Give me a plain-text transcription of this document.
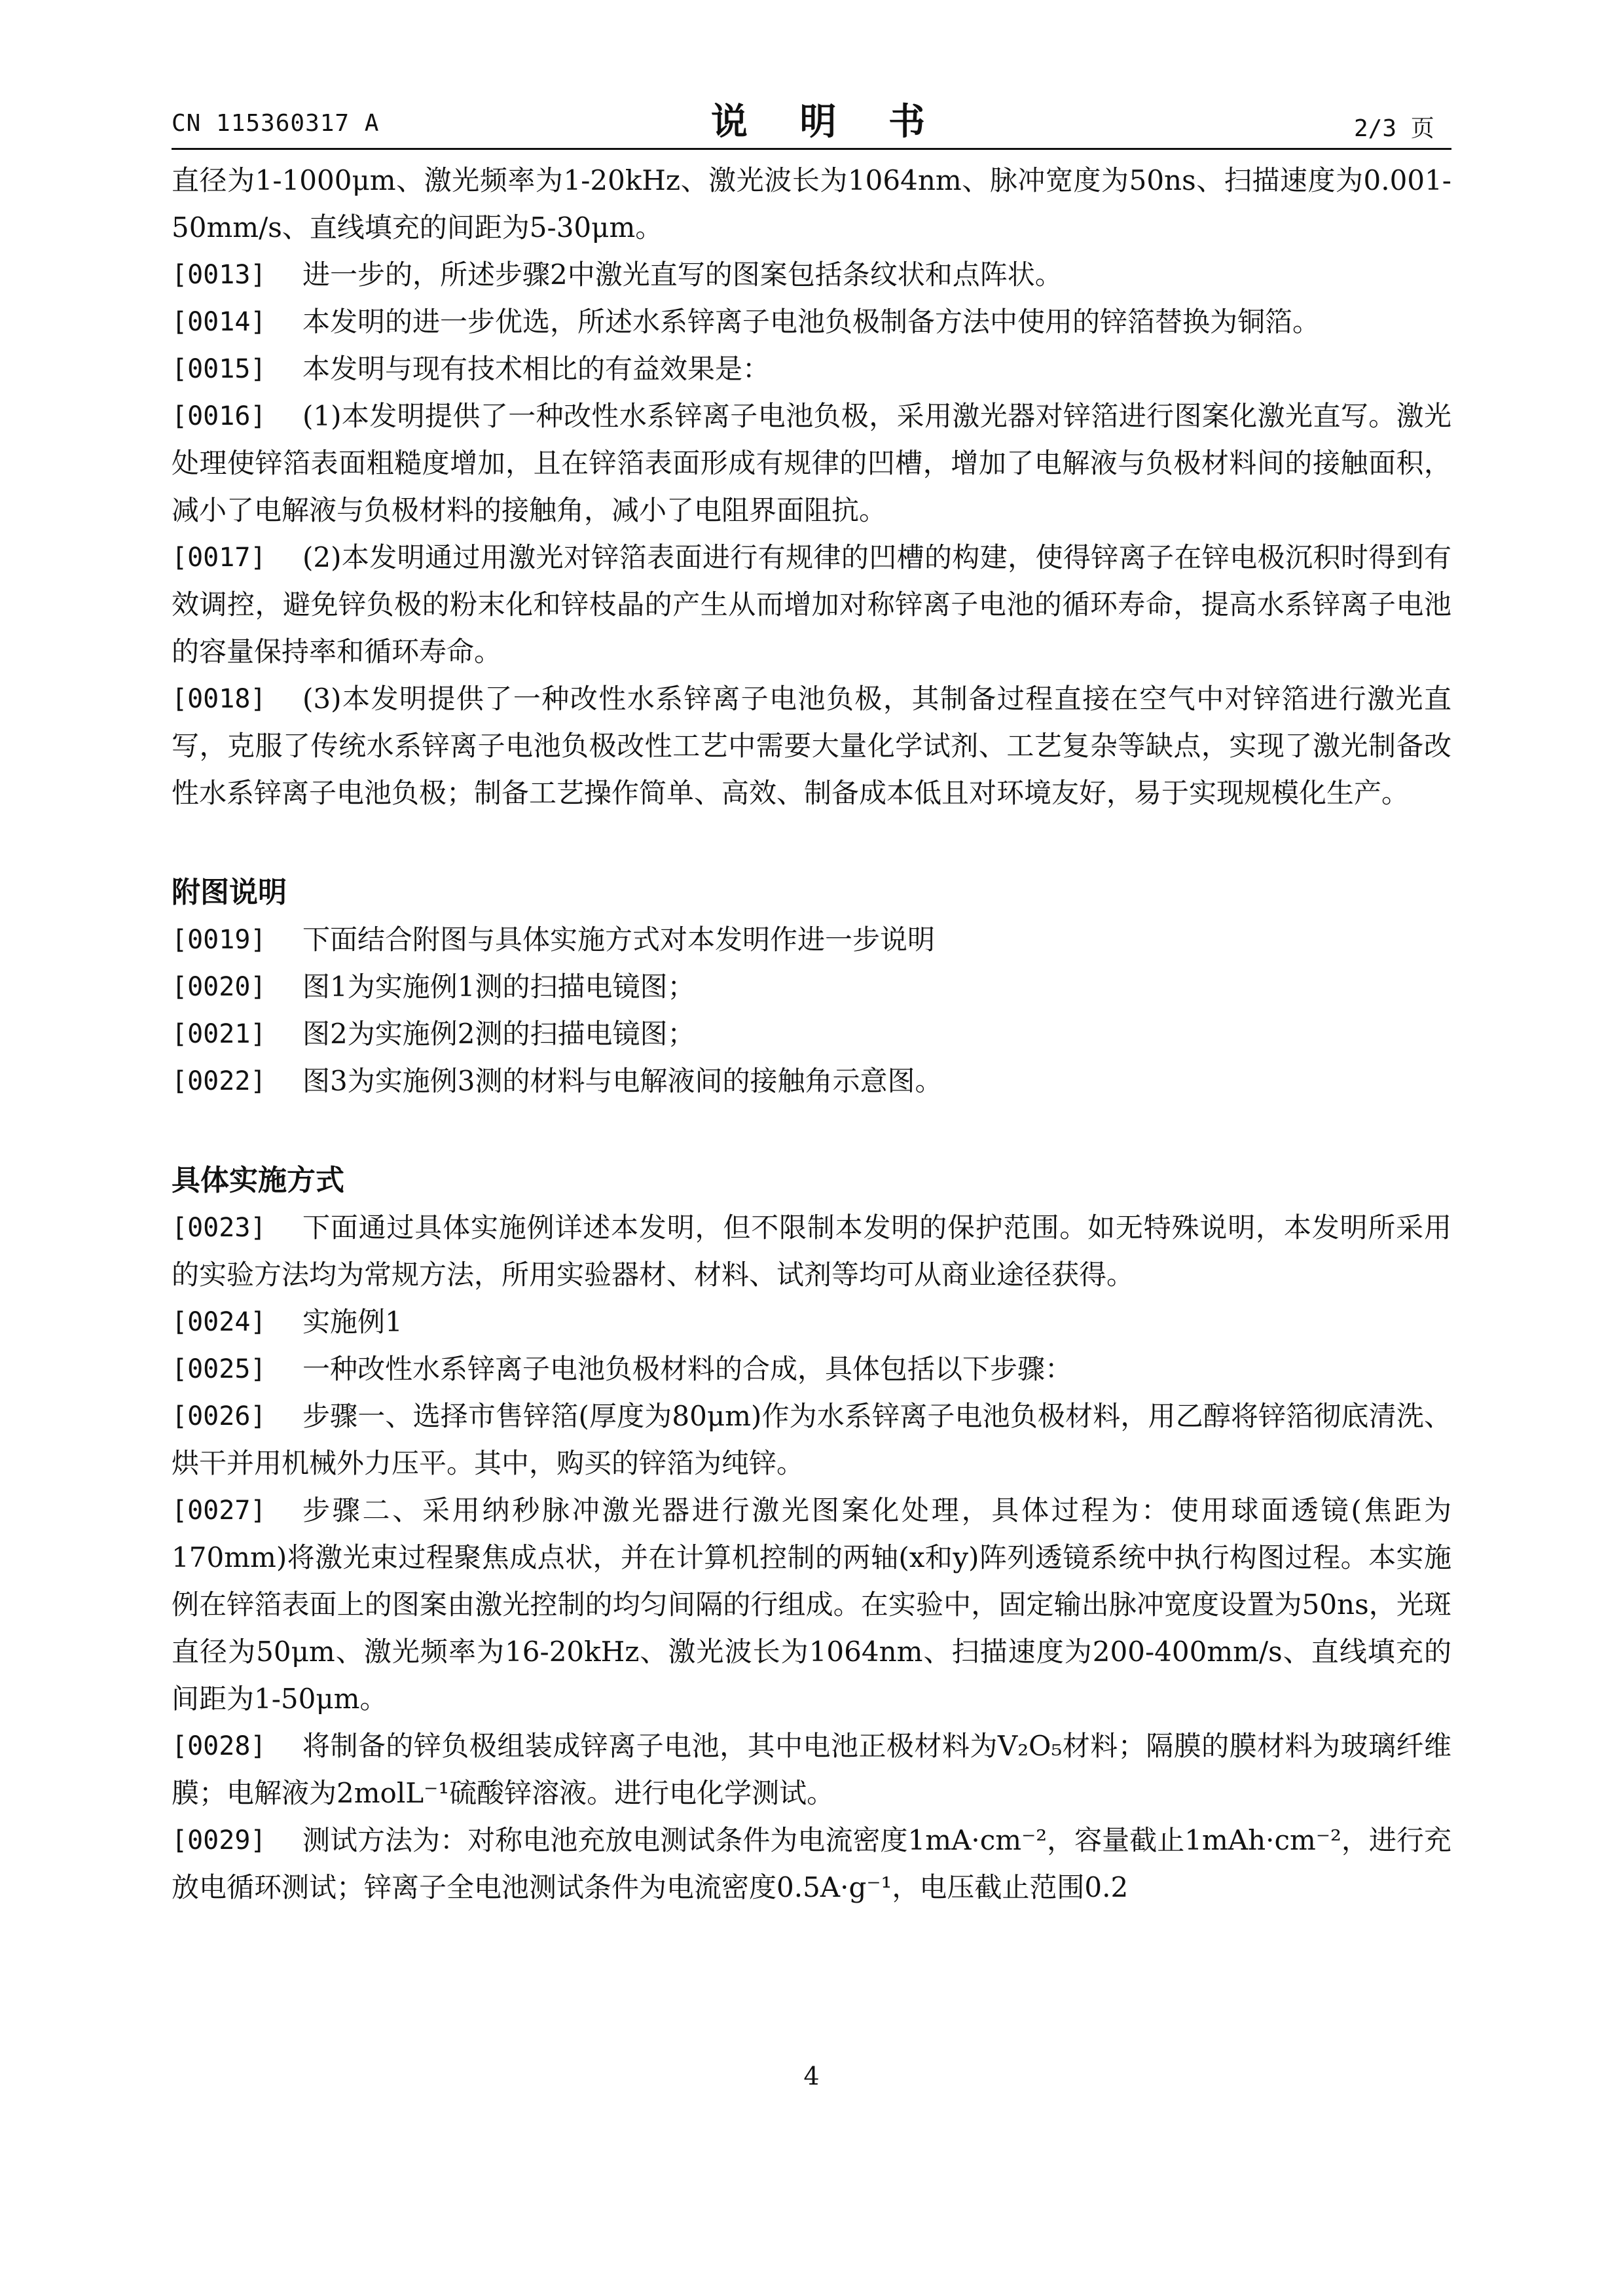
CN 115360317 A	说 明 书	2/3 页
直径为1-1000μm、激光频率为1-20kHz、激光波长为1064nm、脉冲宽度为50ns、扫描速度为0.001-50mm/s、直线填充的间距为5-30μm。
[0013]	进一步的，所述步骤2中激光直写的图案包括条纹状和点阵状。
[0014]	本发明的进一步优选，所述水系锌离子电池负极制备方法中使用的锌箔替换为铜箔。
[0015]	本发明与现有技术相比的有益效果是：
[0016]	(1)本发明提供了一种改性水系锌离子电池负极，采用激光器对锌箔进行图案化激光直写。激光处理使锌箔表面粗糙度增加，且在锌箔表面形成有规律的凹槽，增加了电解液与负极材料间的接触面积，减小了电解液与负极材料的接触角，减小了电阻界面阻抗。
[0017]	(2)本发明通过用激光对锌箔表面进行有规律的凹槽的构建，使得锌离子在锌电极沉积时得到有效调控，避免锌负极的粉末化和锌枝晶的产生从而增加对称锌离子电池的循环寿命，提高水系锌离子电池的容量保持率和循环寿命。
[0018]	(3)本发明提供了一种改性水系锌离子电池负极，其制备过程直接在空气中对锌箔进行激光直写，克服了传统水系锌离子电池负极改性工艺中需要大量化学试剂、工艺复杂等缺点，实现了激光制备改性水系锌离子电池负极；制备工艺操作简单、高效、制备成本低且对环境友好，易于实现规模化生产。
附图说明
[0019]	下面结合附图与具体实施方式对本发明作进一步说明
[0020]	图1为实施例1测的扫描电镜图；
[0021]	图2为实施例2测的扫描电镜图；
[0022]	图3为实施例3测的材料与电解液间的接触角示意图。
具体实施方式
[0023]	下面通过具体实施例详述本发明，但不限制本发明的保护范围。如无特殊说明，本发明所采用的实验方法均为常规方法，所用实验器材、材料、试剂等均可从商业途径获得。
[0024]	实施例1
[0025]	一种改性水系锌离子电池负极材料的合成，具体包括以下步骤：
[0026]	步骤一、选择市售锌箔(厚度为80μm)作为水系锌离子电池负极材料，用乙醇将锌箔彻底清洗、烘干并用机械外力压平。其中，购买的锌箔为纯锌。
[0027]	步骤二、采用纳秒脉冲激光器进行激光图案化处理，具体过程为：使用球面透镜(焦距为170mm)将激光束过程聚焦成点状，并在计算机控制的两轴(x和y)阵列透镜系统中执行构图过程。本实施例在锌箔表面上的图案由激光控制的均匀间隔的行组成。在实验中，固定输出脉冲宽度设置为50ns，光斑直径为50μm、激光频率为16-20kHz、激光波长为1064nm、扫描速度为200-400mm/s、直线填充的间距为1-50μm。
[0028]	将制备的锌负极组装成锌离子电池，其中电池正极材料为V₂O₅材料；隔膜的膜材料为玻璃纤维膜；电解液为2molL⁻¹硫酸锌溶液。进行电化学测试。
[0029]	测试方法为：对称电池充放电测试条件为电流密度1mA·cm⁻²，容量截止1mAh·cm⁻²，进行充放电循环测试；锌离子全电池测试条件为电流密度0.5A·g⁻¹，电压截止范围0.2
4
